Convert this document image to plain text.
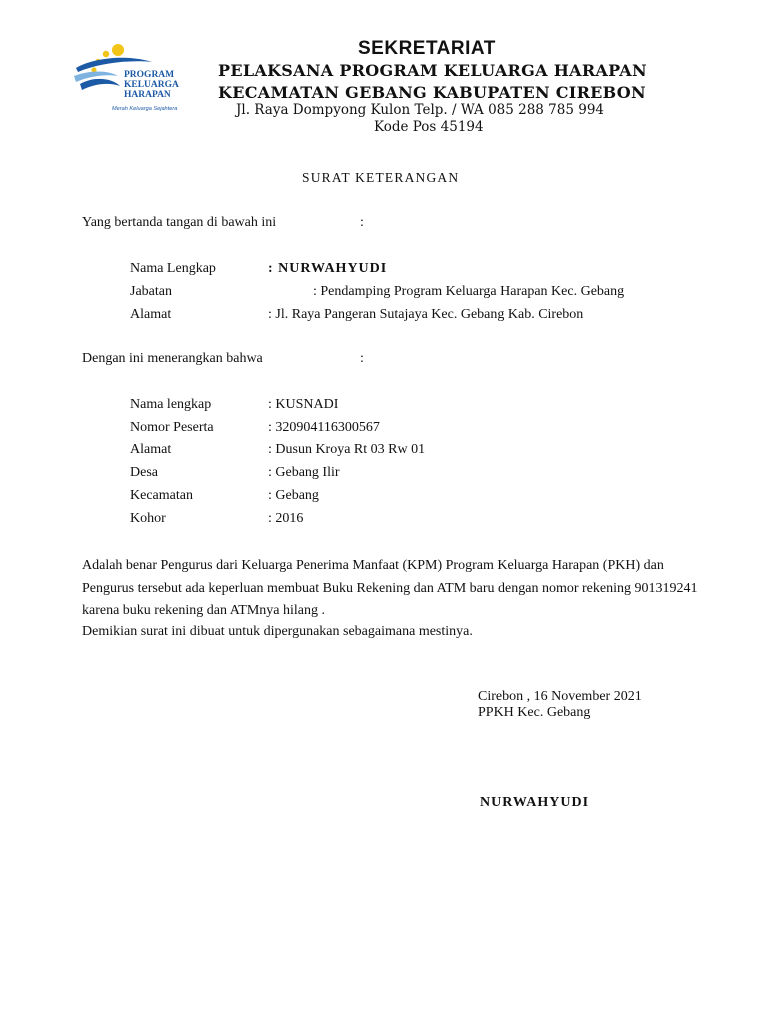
PROGRAM
KELUARGA
HARAPAN
Merah Keluarga Sejahtera
SEKRETARIAT
PELAKSANA PROGRAM KELUARGA HARAPAN
KECAMATAN GEBANG KABUPATEN CIREBON
Jl. Raya Dompyong Kulon Telp. / WA 085 288 785 994
Kode Pos 45194
SURAT KETERANGAN
Yang bertanda tangan di bawah ini	:
Nama Lengkap	: NURWAHYUDI
Jabatan	: Pendamping Program Keluarga Harapan Kec. Gebang
Alamat	: Jl. Raya Pangeran Sutajaya Kec. Gebang Kab. Cirebon
Dengan ini menerangkan bahwa	:
Nama lengkap	: KUSNADI
Nomor Peserta	: 320904116300567
Alamat	: Dusun Kroya Rt 03 Rw 01
Desa	: Gebang Ilir
Kecamatan	: Gebang
Kohor	: 2016
Adalah benar Pengurus dari Keluarga Penerima Manfaat (KPM) Program Keluarga Harapan (PKH) dan Pengurus tersebut ada keperluan membuat Buku Rekening dan ATM baru dengan nomor rekening 901319241 karena buku rekening dan ATMnya hilang .
Demikian surat ini dibuat untuk dipergunakan sebagaimana mestinya.
Cirebon , 16 November 2021
PPKH Kec. Gebang
NURWAHYUDI
